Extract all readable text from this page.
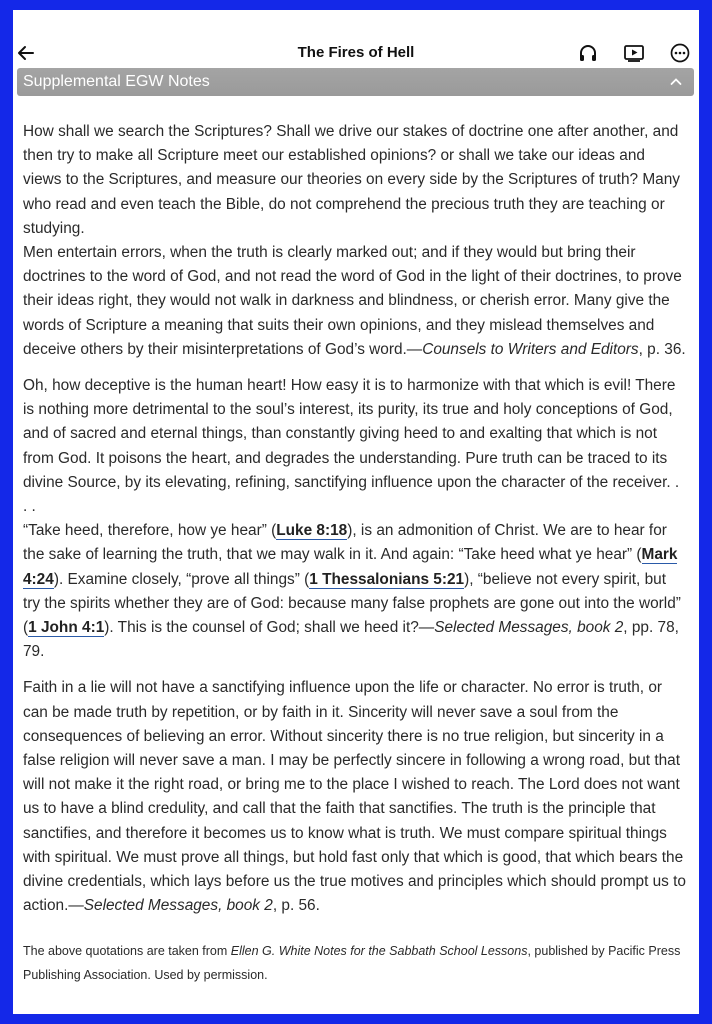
The Fires of Hell
Supplemental EGW Notes

How shall we search the Scriptures? Shall we drive our stakes of doctrine one after another, and then try to make all Scripture meet our established opinions? or shall we take our ideas and views to the Scriptures, and measure our theories on every side by the Scriptures of truth? Many who read and even teach the Bible, do not comprehend the precious truth they are teaching or studying.

Men entertain errors, when the truth is clearly marked out; and if they would but bring their doctrines to the word of God, and not read the word of God in the light of their doctrines, to prove their ideas right, they would not walk in darkness and blindness, or cherish error. Many give the words of Scripture a meaning that suits their own opinions, and they mislead themselves and deceive others by their misinterpretations of God’s word.—Counsels to Writers and Editors, p. 36.

Oh, how deceptive is the human heart! How easy it is to harmonize with that which is evil! There is nothing more detrimental to the soul’s interest, its purity, its true and holy conceptions of God, and of sacred and eternal things, than constantly giving heed to and exalting that which is not from God. It poisons the heart, and degrades the understanding. Pure truth can be traced to its divine Source, by its elevating, refining, sanctifying influence upon the character of the receiver. . . .

“Take heed, therefore, how ye hear” (Luke 8:18), is an admonition of Christ. We are to hear for the sake of learning the truth, that we may walk in it. And again: “Take heed what ye hear” (Mark 4:24). Examine closely, “prove all things” (1 Thessalonians 5:21), “believe not every spirit, but try the spirits whether they are of God: because many false prophets are gone out into the world” (1 John 4:1). This is the counsel of God; shall we heed it?—Selected Messages, book 2, pp. 78, 79.

Faith in a lie will not have a sanctifying influence upon the life or character. No error is truth, or can be made truth by repetition, or by faith in it. Sincerity will never save a soul from the consequences of believing an error. Without sincerity there is no true religion, but sincerity in a false religion will never save a man. I may be perfectly sincere in following a wrong road, but that will not make it the right road, or bring me to the place I wished to reach. The Lord does not want us to have a blind credulity, and call that the faith that sanctifies. The truth is the principle that sanctifies, and therefore it becomes us to know what is truth. We must compare spiritual things with spiritual. We must prove all things, but hold fast only that which is good, that which bears the divine credentials, which lays before us the true motives and principles which should prompt us to action.—Selected Messages, book 2, p. 56.

The above quotations are taken from Ellen G. White Notes for the Sabbath School Lessons, published by Pacific Press Publishing Association. Used by permission.
